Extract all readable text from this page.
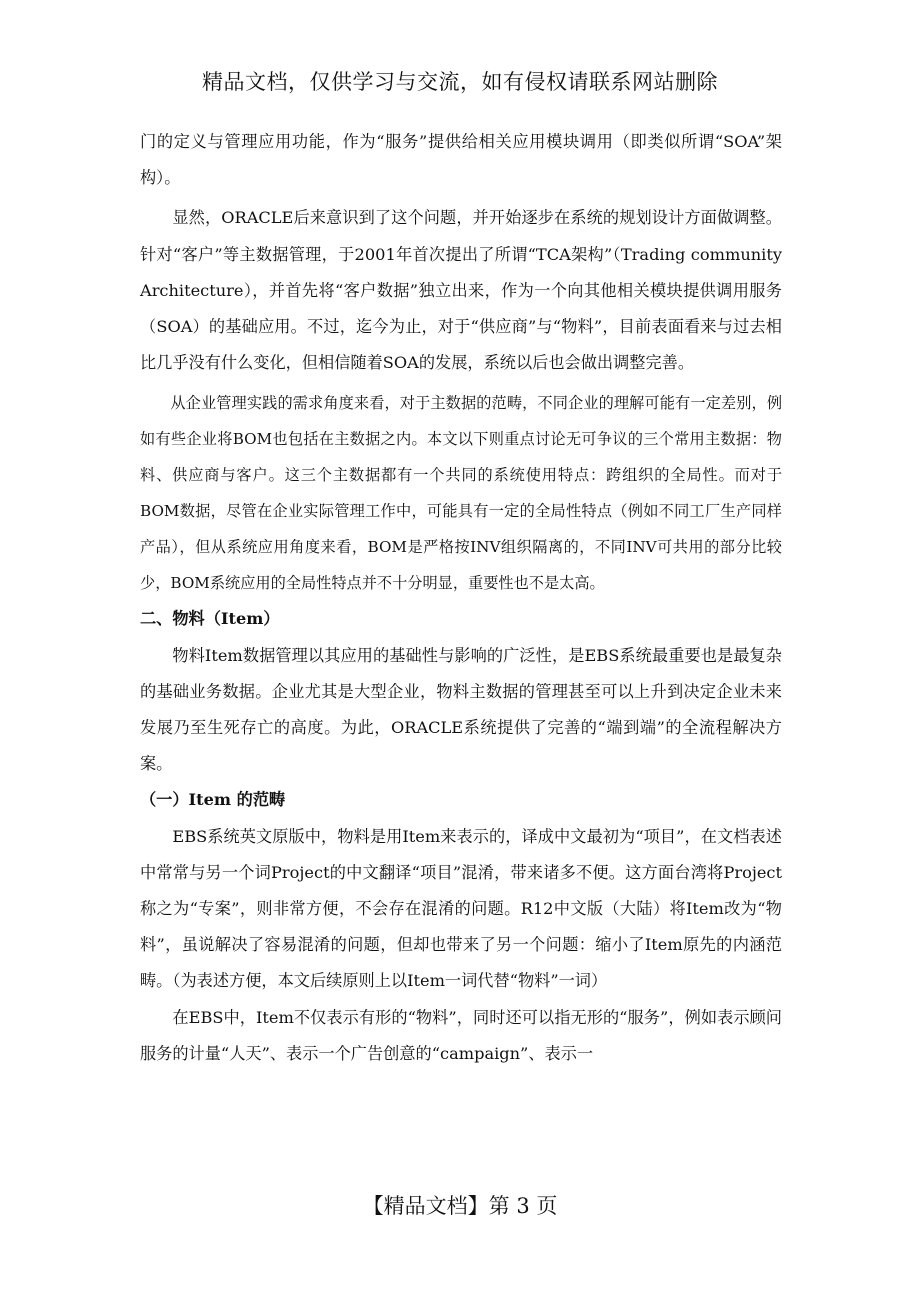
精品文档，仅供学习与交流，如有侵权请联系网站删除

门的定义与管理应用功能，作为“服务”提供给相关应用模块调用（即类似所谓“SOA”架构）。

显然，ORACLE后来意识到了这个问题，并开始逐步在系统的规划设计方面做调整。针对“客户”等主数据管理，于2001年首次提出了所谓“TCA架构”（Trading community Architecture），并首先将“客户数据”独立出来，作为一个向其他相关模块提供调用服务（SOA）的基础应用。不过，迄今为止，对于“供应商”与“物料”，目前表面看来与过去相比几乎没有什么变化，但相信随着SOA的发展，系统以后也会做出调整完善。

从企业管理实践的需求角度来看，对于主数据的范畴，不同企业的理解可能有一定差别，例如有些企业将BOM也包括在主数据之内。本文以下则重点讨论无可争议的三个常用主数据：物料、供应商与客户。这三个主数据都有一个共同的系统使用特点：跨组织的全局性。而对于BOM数据，尽管在企业实际管理工作中，可能具有一定的全局性特点（例如不同工厂生产同样产品），但从系统应用角度来看，BOM是严格按INV组织隔离的，不同INV可共用的部分比较少，BOM系统应用的全局性特点并不十分明显，重要性也不是太高。

二、物料（Item）

物料Item数据管理以其应用的基础性与影响的广泛性，是EBS系统最重要也是最复杂的基础业务数据。企业尤其是大型企业，物料主数据的管理甚至可以上升到决定企业未来发展乃至生死存亡的高度。为此，ORACLE系统提供了完善的“端到端”的全流程解决方案。

（一）Item 的范畴

EBS系统英文原版中，物料是用Item来表示的，译成中文最初为“项目”，在文档表述中常常与另一个词Project的中文翻译“项目”混淆，带来诸多不便。这方面台湾将Project称之为“专案”，则非常方便，不会存在混淆的问题。R12中文版（大陆）将Item改为“物料”，虽说解决了容易混淆的问题，但却也带来了另一个问题：缩小了Item原先的内涵范畴。（为表述方便，本文后续原则上以Item一词代替“物料”一词）

在EBS中，Item不仅表示有形的“物料”，同时还可以指无形的“服务”，例如表示顾问服务的计量“人天”、表示一个广告创意的“campaign”、表示一

【精品文档】第 3 页
